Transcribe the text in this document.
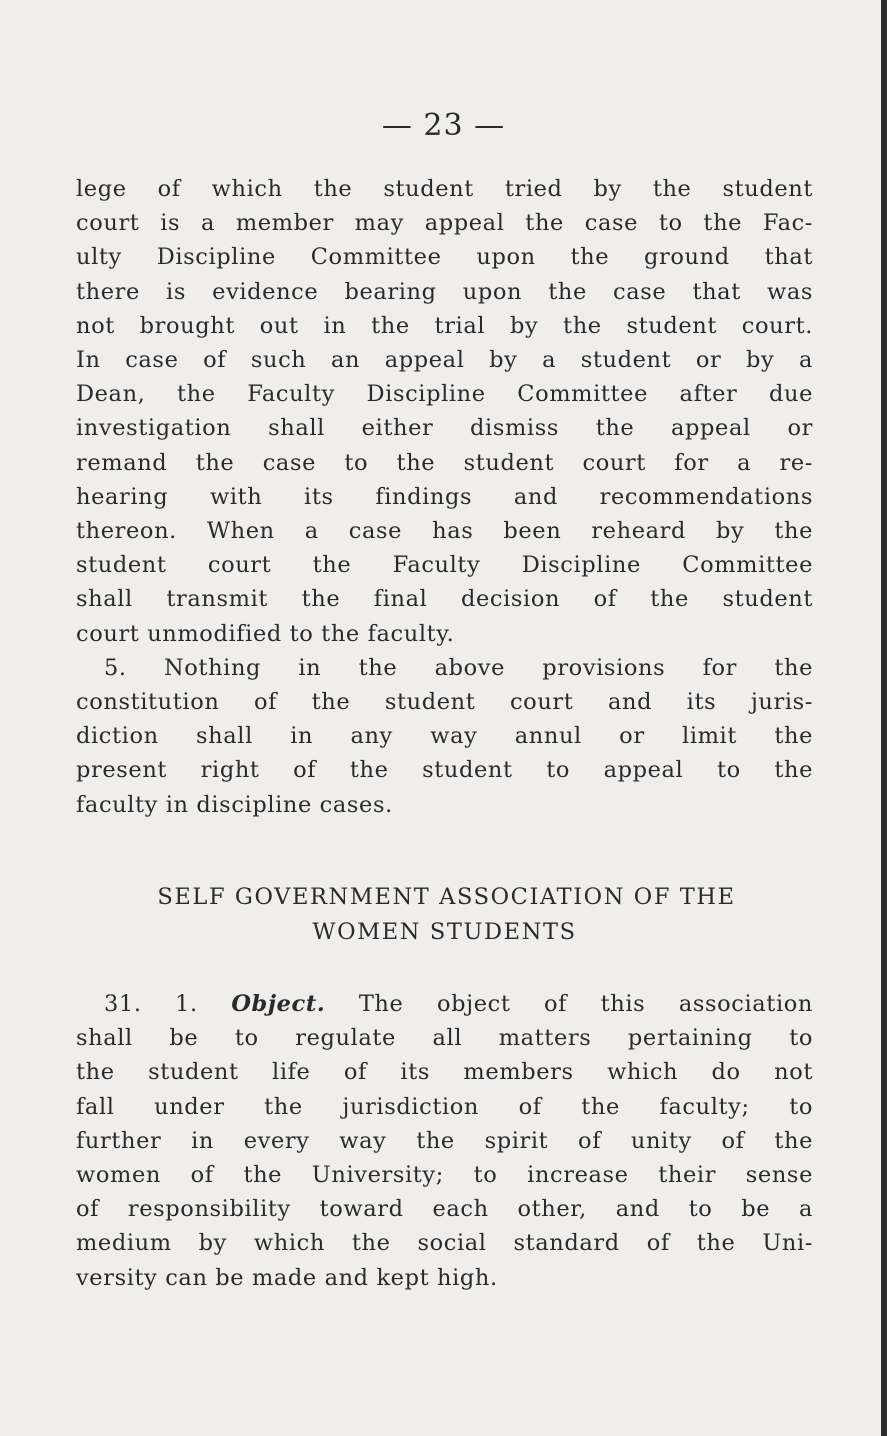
— 23 —
lege of which the student tried by the student
court is a member may appeal the case to the Fac-
ulty Discipline Committee upon the ground that
there is evidence bearing upon the case that was
not brought out in the trial by the student court.
In case of such an appeal by a student or by a
Dean, the Faculty Discipline Committee after due
investigation shall either dismiss the appeal or
remand the case to the student court for a re-
hearing with its findings and recommendations
thereon. When a case has been reheard by the
student court the Faculty Discipline Committee
shall transmit the final decision of the student
court unmodified to the faculty.
5. Nothing in the above provisions for the
constitution of the student court and its juris-
diction shall in any way annul or limit the
present right of the student to appeal to the
faculty in discipline cases.
SELF GOVERNMENT ASSOCIATION OF THE
WOMEN STUDENTS
31. 1. Object. The object of this association
shall be to regulate all matters pertaining to
the student life of its members which do not
fall under the jurisdiction of the faculty; to
further in every way the spirit of unity of the
women of the University; to increase their sense
of responsibility toward each other, and to be a
medium by which the social standard of the Uni-
versity can be made and kept high.
